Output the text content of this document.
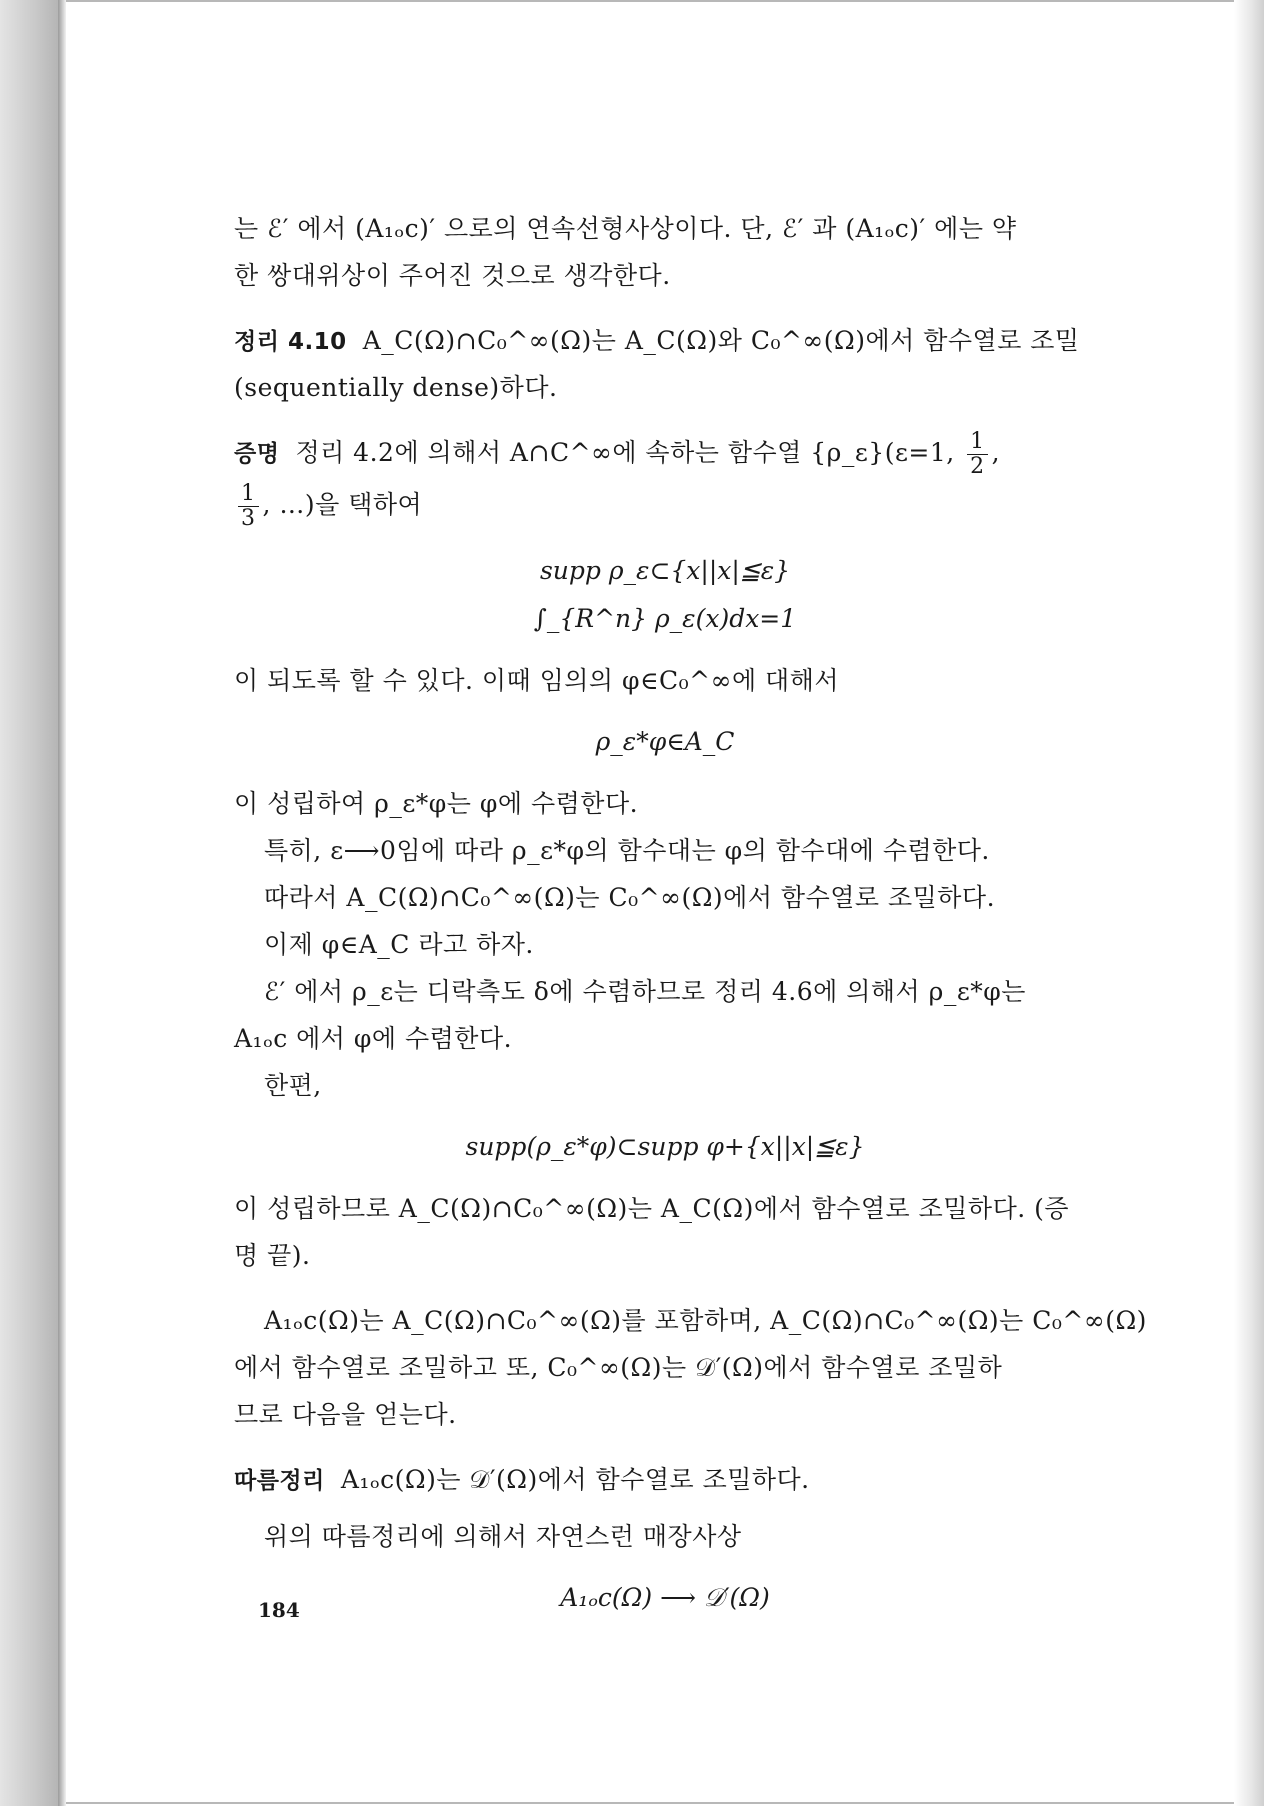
는 ℰ′ 에서 (A₁ₒc)′ 으로의 연속선형사상이다. 단, ℰ′ 과 (A₁ₒc)′ 에는 약
한 쌍대위상이 주어진 것으로 생각한다.
정리 4.10 A_C(Ω)∩C₀^∞(Ω)는 A_C(Ω)와 C₀^∞(Ω)에서 함수열로 조밀
(sequentially dense)하다.
증명 정리 4.2에 의해서 A∩C^∞에 속하는 함수열 {ρ_ε}(ε=1, $\frac{1}{2}$ ,
$\frac{1}{3}$ , …)을 택하여
supp ρ_ε⊂{x||x|≦ε}
∫_{R^n} ρ_ε(x)dx=1
이 되도록 할 수 있다. 이때 임의의 φ∈C₀^∞에 대해서
ρ_ε*φ∈A_C
이 성립하여 ρ_ε*φ는 φ에 수렴한다.
특히, ε⟶0임에 따라 ρ_ε*φ의 함수대는 φ의 함수대에 수렴한다.
따라서 A_C(Ω)∩C₀^∞(Ω)는 C₀^∞(Ω)에서 함수열로 조밀하다.
이제 φ∈A_C 라고 하자.
ℰ′ 에서 ρ_ε는 디락측도 δ에 수렴하므로 정리 4.6에 의해서 ρ_ε*φ는
A₁ₒc 에서 φ에 수렴한다.
한편,
supp(ρ_ε*φ)⊂supp φ+{x||x|≦ε}
이 성립하므로 A_C(Ω)∩C₀^∞(Ω)는 A_C(Ω)에서 함수열로 조밀하다. (증
명 끝).
A₁ₒc(Ω)는 A_C(Ω)∩C₀^∞(Ω)를 포함하며, A_C(Ω)∩C₀^∞(Ω)는 C₀^∞(Ω)
에서 함수열로 조밀하고 또, C₀^∞(Ω)는 𝒟′(Ω)에서 함수열로 조밀하
므로 다음을 얻는다.
따름정리 A₁ₒc(Ω)는 𝒟′(Ω)에서 함수열로 조밀하다.
위의 따름정리에 의해서 자연스런 매장사상
A₁ₒc(Ω) ⟶ 𝒟′(Ω)
184
